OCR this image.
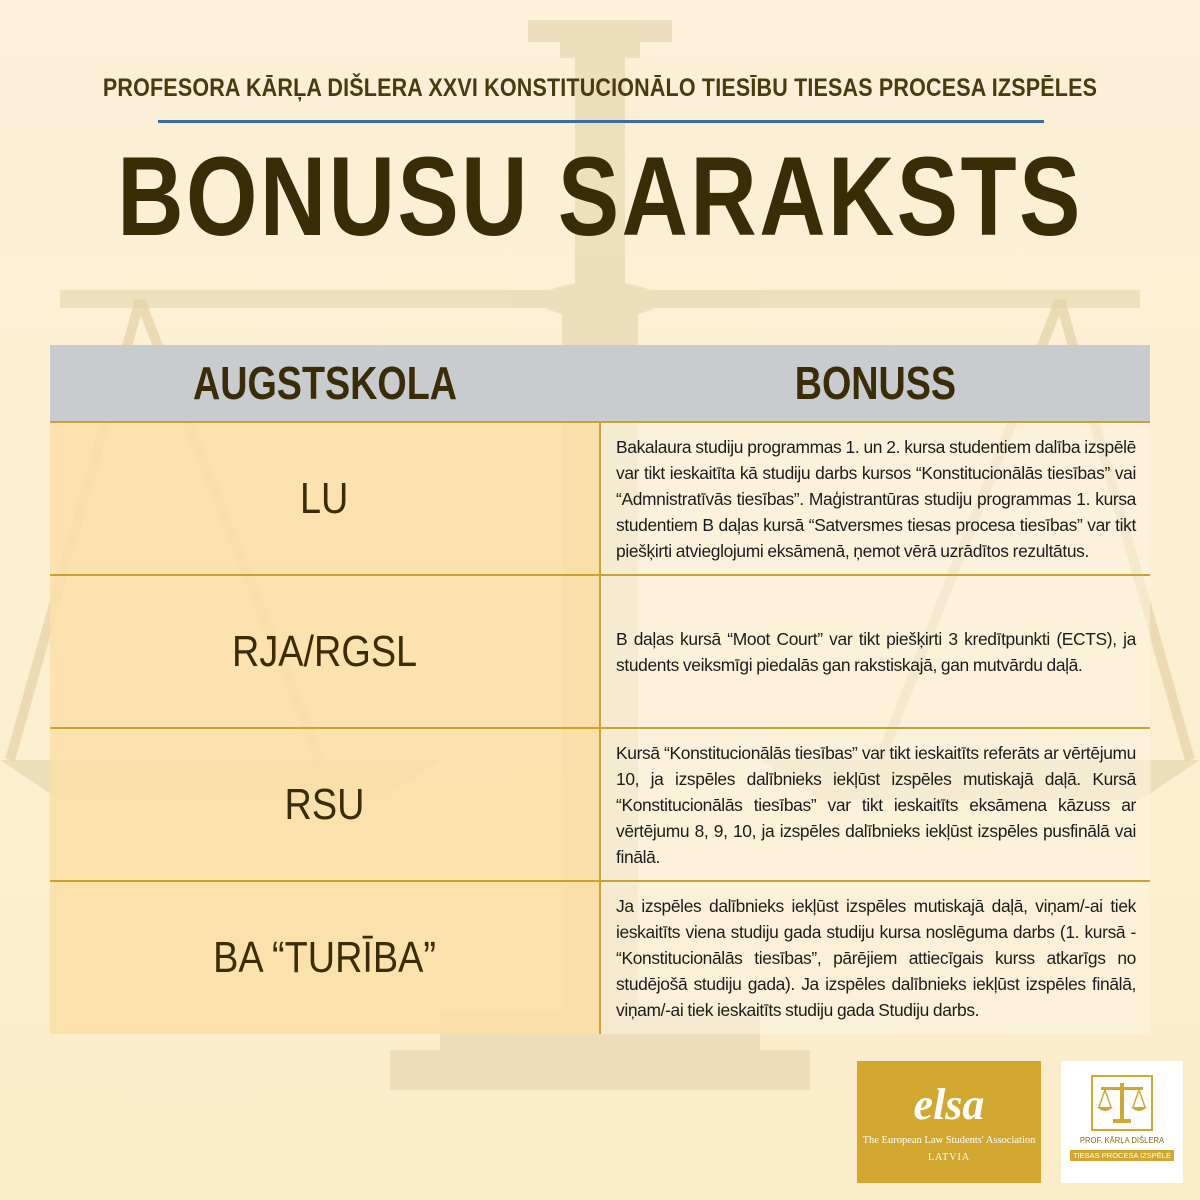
PROFESORA KĀRĻA DIŠLERA XXVI KONSTITUCIONĀLO TIESĪBU TIESAS PROCESA IZSPĒLES
BONUSU SARAKSTS
AUGSTSKOLA	BONUSS
LU	Bakalaura studiju programmas 1. un 2. kursa studentiem dalība izspēlē var tikt ieskaitīta kā studiju darbs kursos “Konstitucionālās tiesības” vai “Admnistratīvās tiesības”. Maģistrantūras studiju programmas 1. kursa studentiem B daļas kursā “Satversmes tiesas procesa tiesības” var tikt piešķirti atvieglojumi eksāmenā, ņemot vērā uzrādītos rezultātus.

RJA/RGSL	B daļas kursā “Moot Court” var tikt piešķirti 3 kredītpunkti (ECTS), ja students veiksmīgi piedalās gan rakstiskajā, gan mutvārdu daļā.

RSU	Kursā “Konstitucionālās tiesības” var tikt ieskaitīts referāts ar vērtējumu 10, ja izspēles dalībnieks iekļūst izspēles mutiskajā daļā. Kursā “Konstitucionālās tiesības” var tikt ieskaitīts eksāmena kāzuss ar vērtējumu 8, 9, 10, ja izspēles dalībnieks iekļūst izspēles pusfinālā vai finālā.

BA “TURĪBA”	Ja izspēles dalībnieks iekļūst izspēles mutiskajā daļā, viņam/-ai tiek ieskaitīts viena studiju gada studiju kursa noslēguma darbs (1. kursā - “Konstitucionālās tiesības”, pārējiem attiecīgais kurss atkarīgs no studējošā studiju gada). Ja izspēles dalībnieks iekļūst izspēles finālā, viņam/-ai tiek ieskaitīts studiju gada Studiju darbs.
elsa
The European Law Students' Association
LATVIA
PROF. KĀRĻA DIŠLERA
TIESAS PROCESA IZSPĒLE
